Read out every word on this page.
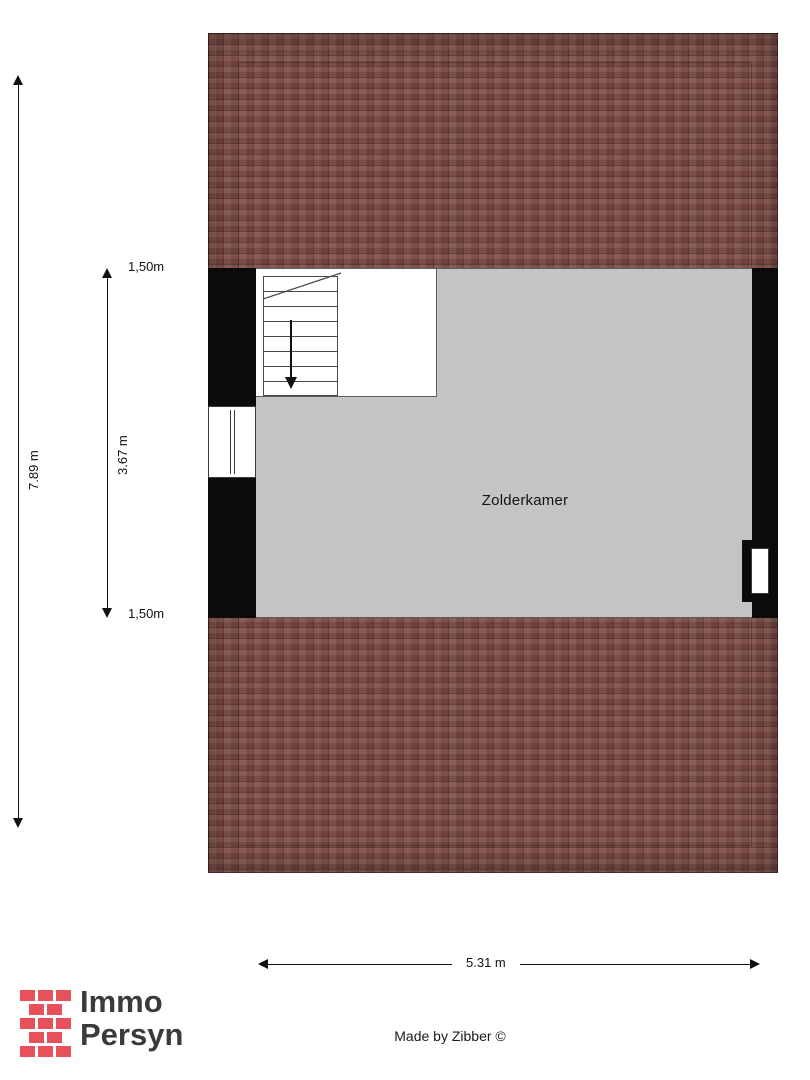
Zolderkamer
7.89 m	3.67 m
1,50m
1,50m
5.31 m
Immo
Persyn	Made by Zibber ©
